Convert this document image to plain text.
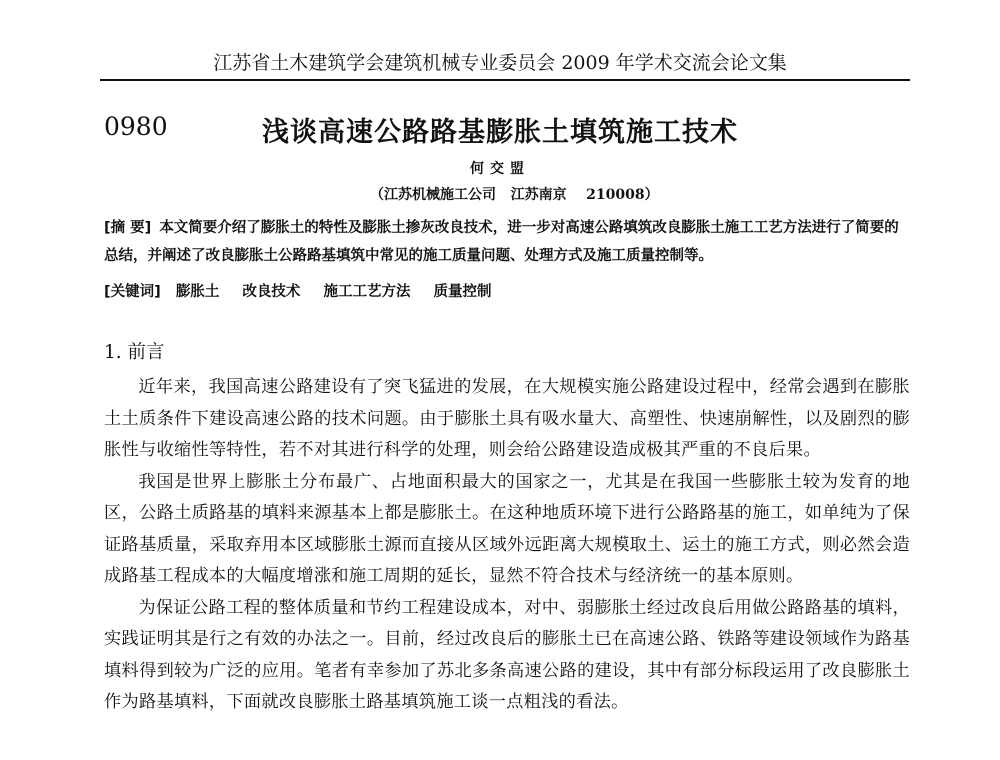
江苏省土木建筑学会建筑机械专业委员会 2009 年学术交流会论文集
0980	浅谈高速公路路基膨胀土填筑施工技术
何交盟
（江苏机械施工公司   江苏南京    210008）
[摘 要] 本文简要介绍了膨胀土的特性及膨胀土掺灰改良技术，进一步对高速公路填筑改良膨胀土施工工艺方法进行了简要的总结，并阐述了改良膨胀土公路路基填筑中常见的施工质量问题、处理方式及施工质量控制等。
[关键词] 膨胀土 改良技术 施工工艺方法 质量控制
1. 前言

近年来，我国高速公路建设有了突飞猛进的发展，在大规模实施公路建设过程中，经常会遇到在膨胀土土质条件下建设高速公路的技术问题。由于膨胀土具有吸水量大、高塑性、快速崩解性，以及剧烈的膨胀性与收缩性等特性，若不对其进行科学的处理，则会给公路建设造成极其严重的不良后果。

我国是世界上膨胀土分布最广、占地面积最大的国家之一，尤其是在我国一些膨胀土较为发育的地区，公路土质路基的填料来源基本上都是膨胀土。在这种地质环境下进行公路路基的施工，如单纯为了保证路基质量，采取弃用本区域膨胀土源而直接从区域外远距离大规模取土、运土的施工方式，则必然会造成路基工程成本的大幅度增涨和施工周期的延长，显然不符合技术与经济统一的基本原则。

为保证公路工程的整体质量和节约工程建设成本，对中、弱膨胀土经过改良后用做公路路基的填料，实践证明其是行之有效的办法之一。目前，经过改良后的膨胀土已在高速公路、铁路等建设领域作为路基填料得到较为广泛的应用。笔者有幸参加了苏北多条高速公路的建设，其中有部分标段运用了改良膨胀土作为路基填料，下面就改良膨胀土路基填筑施工谈一点粗浅的看法。
